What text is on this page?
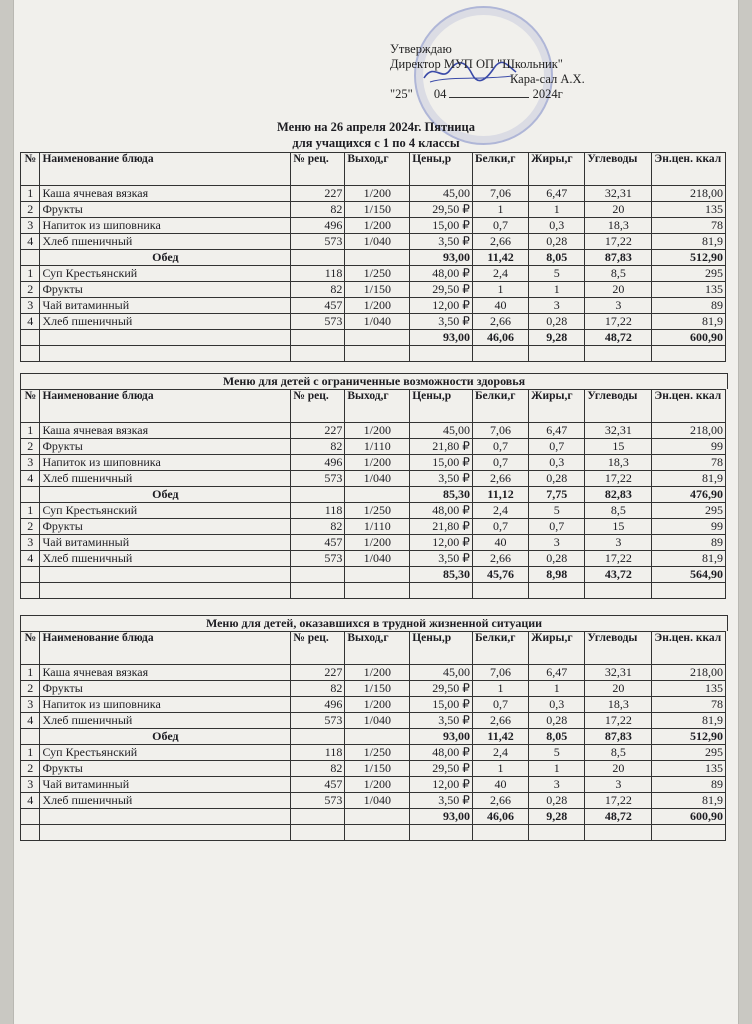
Утверждаю
Директор МУП ОП "Школьник"
Кара-сал А.Х.
"25" 04	2024г
Меню на 26 апреля 2024г. Пятница
для учащихся с 1 по 4 классы
№	Наименование блюда	№ рец.	Выход,г	Цены,р	Белки,г	Жиры,г	Углеводы	Эн.цен. ккал
1	Каша ячневая вязкая	227	1/200	45,00	7,06	6,47	32,31	218,00
2	Фрукты	82	1/150	29,50 ₽	1	1	20	135
3	Напиток из шиповника	496	1/200	15,00 ₽	0,7	0,3	18,3	78
4	Хлеб пшеничный	573	1/040	3,50 ₽	2,66	0,28	17,22	81,9
	Обед			93,00	11,42	8,05	87,83	512,90
1	Суп Крестьянский	118	1/250	48,00 ₽	2,4	5	8,5	295
2	Фрукты	82	1/150	29,50 ₽	1	1	20	135
3	Чай витаминный	457	1/200	12,00 ₽	40	3	3	89
4	Хлеб пшеничный	573	1/040	3,50 ₽	2,66	0,28	17,22	81,9
				93,00	46,06	9,28	48,72	600,90

Меню для детей с ограниченные возможности здоровья
№	Наименование блюда	№ рец.	Выход,г	Цены,р	Белки,г	Жиры,г	Углеводы	Эн.цен. ккал
1	Каша ячневая вязкая	227	1/200	45,00	7,06	6,47	32,31	218,00
2	Фрукты	82	1/110	21,80 ₽	0,7	0,7	15	99
3	Напиток из шиповника	496	1/200	15,00 ₽	0,7	0,3	18,3	78
4	Хлеб пшеничный	573	1/040	3,50 ₽	2,66	0,28	17,22	81,9
	Обед			85,30	11,12	7,75	82,83	476,90
1	Суп Крестьянский	118	1/250	48,00 ₽	2,4	5	8,5	295
2	Фрукты	82	1/110	21,80 ₽	0,7	0,7	15	99
3	Чай витаминный	457	1/200	12,00 ₽	40	3	3	89
4	Хлеб пшеничный	573	1/040	3,50 ₽	2,66	0,28	17,22	81,9
				85,30	45,76	8,98	43,72	564,90

Меню для детей, оказавшихся в трудной жизненной ситуации
№	Наименование блюда	№ рец.	Выход,г	Цены,р	Белки,г	Жиры,г	Углеводы	Эн.цен. ккал
1	Каша ячневая вязкая	227	1/200	45,00	7,06	6,47	32,31	218,00
2	Фрукты	82	1/150	29,50 ₽	1	1	20	135
3	Напиток из шиповника	496	1/200	15,00 ₽	0,7	0,3	18,3	78
4	Хлеб пшеничный	573	1/040	3,50 ₽	2,66	0,28	17,22	81,9
	Обед			93,00	11,42	8,05	87,83	512,90
1	Суп Крестьянский	118	1/250	48,00 ₽	2,4	5	8,5	295
2	Фрукты	82	1/150	29,50 ₽	1	1	20	135
3	Чай витаминный	457	1/200	12,00 ₽	40	3	3	89
4	Хлеб пшеничный	573	1/040	3,50 ₽	2,66	0,28	17,22	81,9
				93,00	46,06	9,28	48,72	600,90
